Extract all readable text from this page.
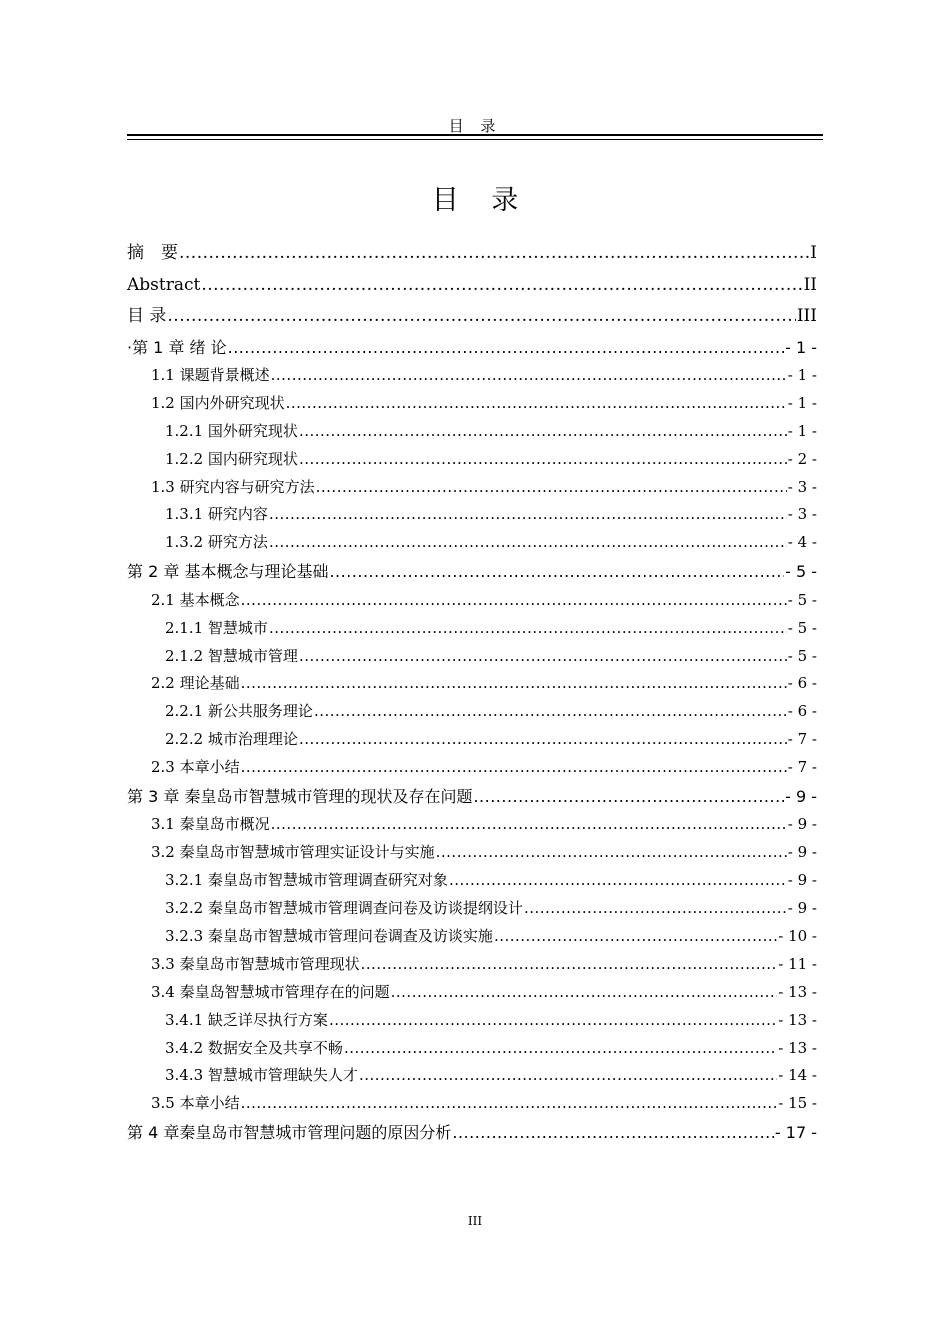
目 录
目 录
摘　要 .....	I
Abstract .....	II
目 录 .....	III
·第 1 章 绪 论 .....	- 1 -
1.1 课题背景概述 .....	- 1 -
1.2 国内外研究现状 .....	- 1 -
1.2.1 国外研究现状 .....	- 1 -
1.2.2 国内研究现状 .....	- 2 -
1.3 研究内容与研究方法 .....	- 3 -
1.3.1 研究内容 .....	- 3 -
1.3.2 研究方法 .....	- 4 -
第 2 章 基本概念与理论基础 .....	- 5 -
2.1 基本概念 .....	- 5 -
2.1.1 智慧城市 .....	- 5 -
2.1.2 智慧城市管理 .....	- 5 -
2.2 理论基础 .....	- 6 -
2.2.1 新公共服务理论 .....	- 6 -
2.2.2 城市治理理论 .....	- 7 -
2.3 本章小结 .....	- 7 -
第 3 章 秦皇岛市智慧城市管理的现状及存在问题 .....	- 9 -
3.1 秦皇岛市概况 .....	- 9 -
3.2 秦皇岛市智慧城市管理实证设计与实施 .....	- 9 -
3.2.1 秦皇岛市智慧城市管理调查研究对象 .....	- 9 -
3.2.2 秦皇岛市智慧城市管理调查问卷及访谈提纲设计 .....	- 9 -
3.2.3 秦皇岛市智慧城市管理问卷调查及访谈实施 .....	- 10 -
3.3 秦皇岛市智慧城市管理现状 .....	- 11 -
3.4 秦皇岛智慧城市管理存在的问题 .....	- 13 -
3.4.1 缺乏详尽执行方案 .....	- 13 -
3.4.2 数据安全及共享不畅 .....	- 13 -
3.4.3 智慧城市管理缺失人才 .....	- 14 -
3.5 本章小结 .....	- 15 -
第 4 章秦皇岛市智慧城市管理问题的原因分析 .....	- 17 -
III
